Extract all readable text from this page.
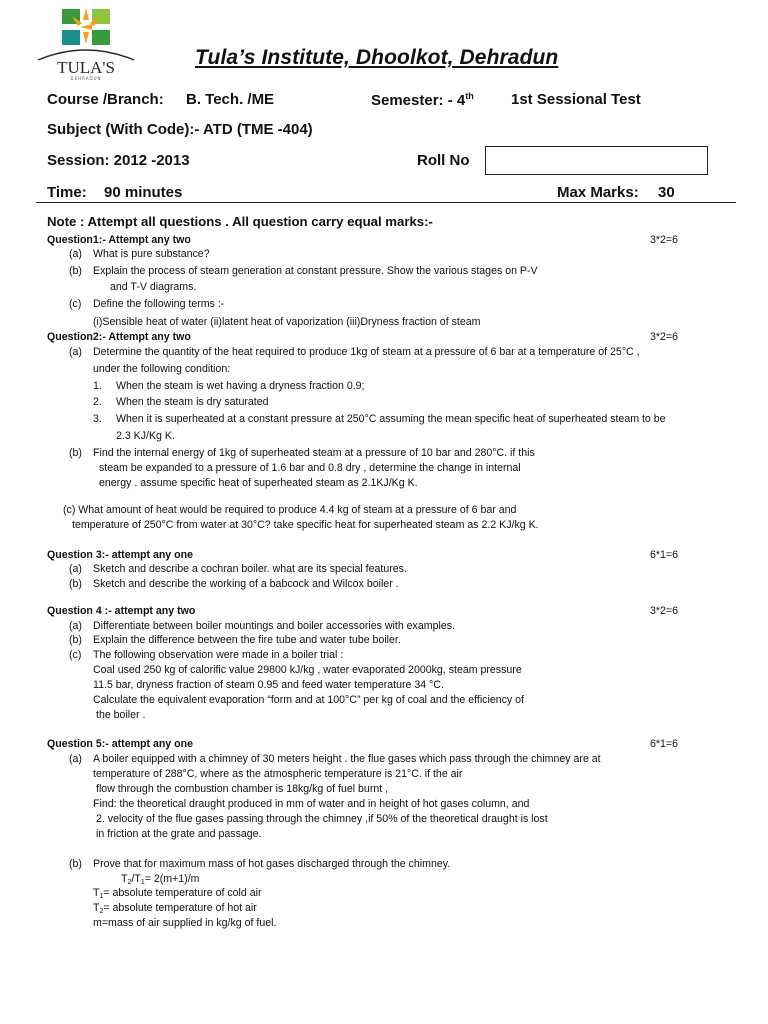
TULA'S
DEHRADUN
Tula’s Institute, Dhoolkot, Dehradun
Course /Branch: B. Tech. /ME	Semester: - 4th 1st Sessional Test
Subject (With Code):- ATD (TME -404)
Session: 2012 -2013	Roll No
Time: 90 minutes	Max Marks: 30
Note : Attempt all questions . All question carry equal marks:-
Question1:- Attempt any two	3*2=6
(a) What is pure substance?
(b) Explain the process of steam generation at constant pressure. Show the various stages on P-V
and T-V diagrams.
(c) Define the following terms :-
(i)Sensible heat of water (ii)latent heat of vaporization (iii)Dryness fraction of steam
Question2:- Attempt any two	3*2=6
(a) Determine the quantity of the heat required to produce 1kg of steam at a pressure of 6 bar at a temperature of 25°C ,
under the following condition:
1. When the steam is wet having a dryness fraction 0.9;
2. When the steam is dry saturated
3. When it is superheated at a constant pressure at 250°C assuming the mean specific heat of superheated steam to be
2.3 KJ/Kg K.
(b) Find the internal energy of 1kg of superheated steam at a pressure of 10 bar and 280°C. if this
steam be expanded to a pressure of 1.6 bar and 0.8 dry , determine the change in internal
energy . assume specific heat of superheated steam as 2.1KJ/Kg K.
(c) What amount of heat would be required to produce 4.4 kg of steam at a pressure of 6 bar and
temperature of 250°C from water at 30°C? take specific heat for superheated steam as 2.2 KJ/kg K.
Question 3:- attempt any one	6*1=6
(a) Sketch and describe a cochran boiler. what are its special features.
(b) Sketch and describe the working of a babcock and Wilcox boiler .
Question 4 :- attempt any two	3*2=6
(a) Differentiate between boiler mountings and boiler accessories with examples.
(b) Explain the difference between the fire tube and water tube boiler.
(c) The following observation were made in a boiler trial :
Coal used 250 kg of calorific value 29800 kJ/kg , water evaporated 2000kg, steam pressure
11.5 bar, dryness fraction of steam 0.95 and feed water temperature 34 °C.
Calculate the equivalent evaporation “form and at 100°C” per kg of coal and the efficiency of
the boiler .
Question 5:- attempt any one	6*1=6
(a) A boiler equipped with a chimney of 30 meters height . the flue gases which pass through the chimney are at
temperature of 288°C, where as the atmospheric temperature is 21°C. if the air
flow through the combustion chamber is 18kg/kg of fuel burnt ,
Find: the theoretical draught produced in mm of water and in height of hot gases column, and
2. velocity of the flue gases passing through the chimney ,if 50% of the theoretical draught is lost
in friction at the grate and passage.
(b) Prove that for maximum mass of hot gases discharged through the chimney.
$T_2/T_1= 2(m+1)/m$
$T_1=$ absolute temperature of cold air
$T_2=$ absolute temperature of hot air
m=mass of air supplied in kg/kg of fuel.
